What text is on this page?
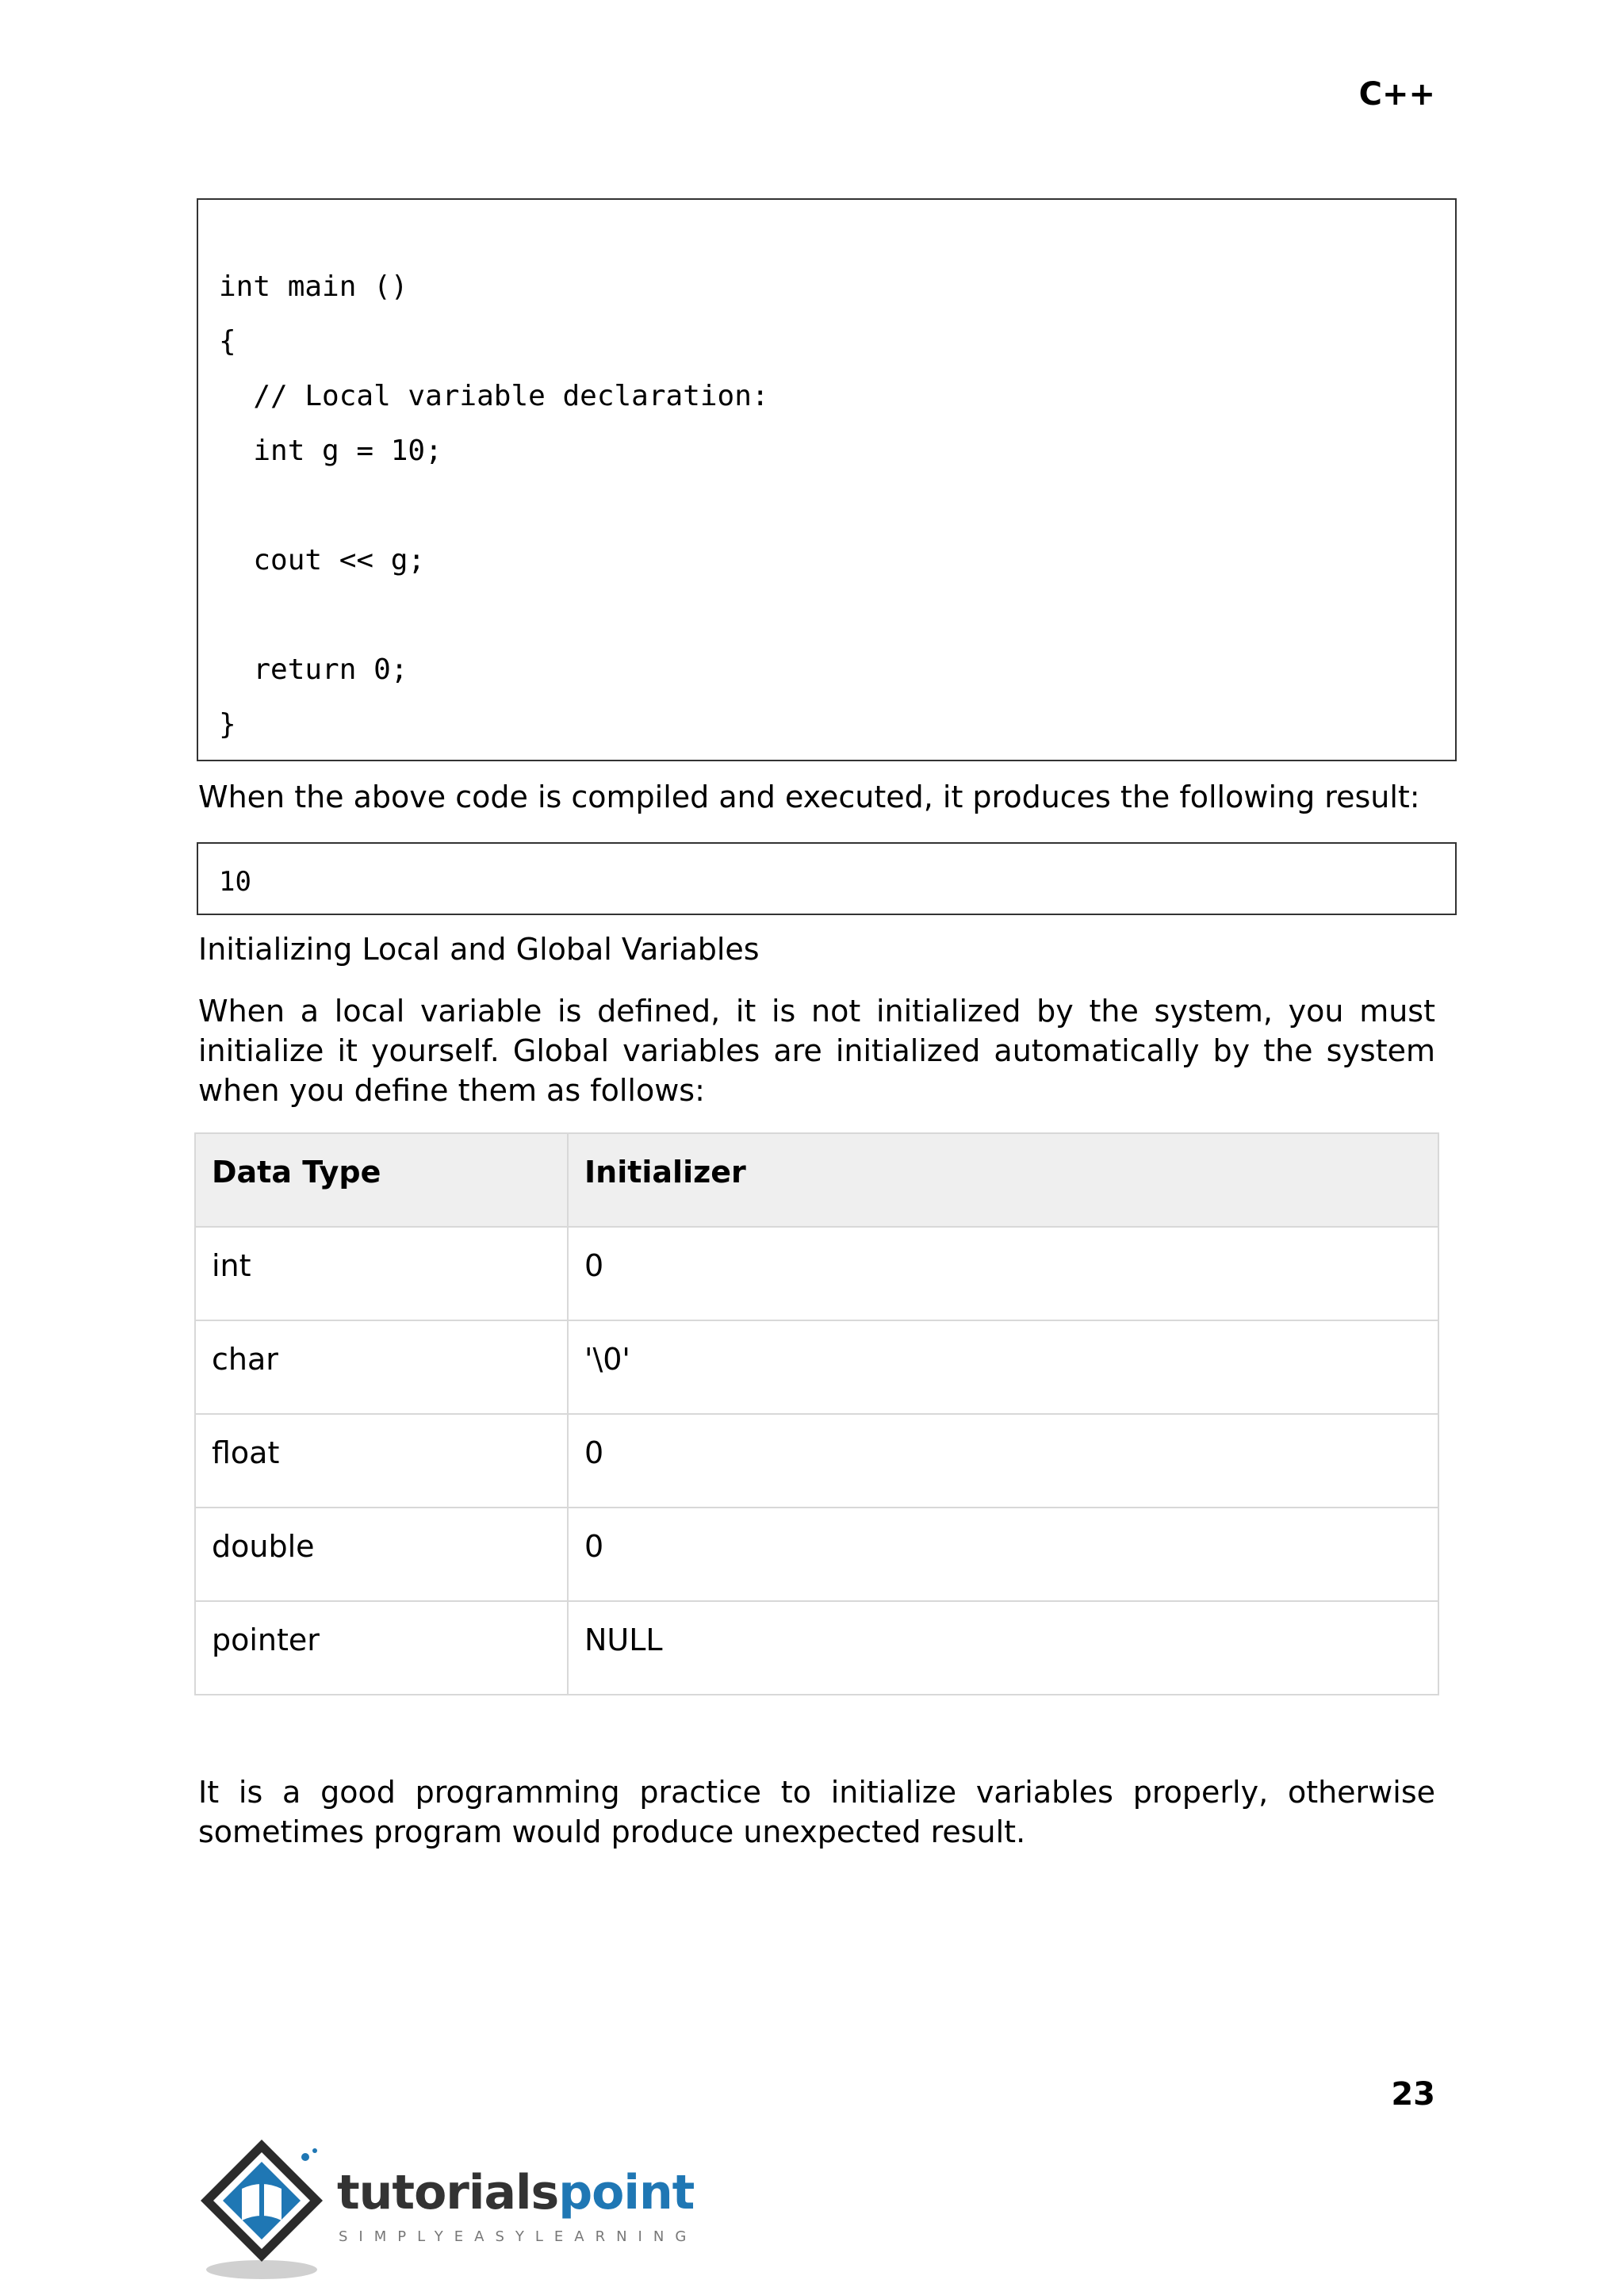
C++
int main ()
{
// Local variable declaration:
int g = 10;
cout << g;
return 0;
}
When the above code is compiled and executed, it produces the following result:
10
Initializing Local and Global Variables
When a local variable is defined, it is not initialized by the system, you must initialize it yourself. Global variables are initialized automatically by the system when you define them as follows:
Data Type	Initializer
int	0
char	'\0'
float	0
double	0
pointer	NULL
It is a good programming practice to initialize variables properly, otherwise sometimes program would produce unexpected result.
23
tutorialspoint
SIMPLYEASYLEARNING
